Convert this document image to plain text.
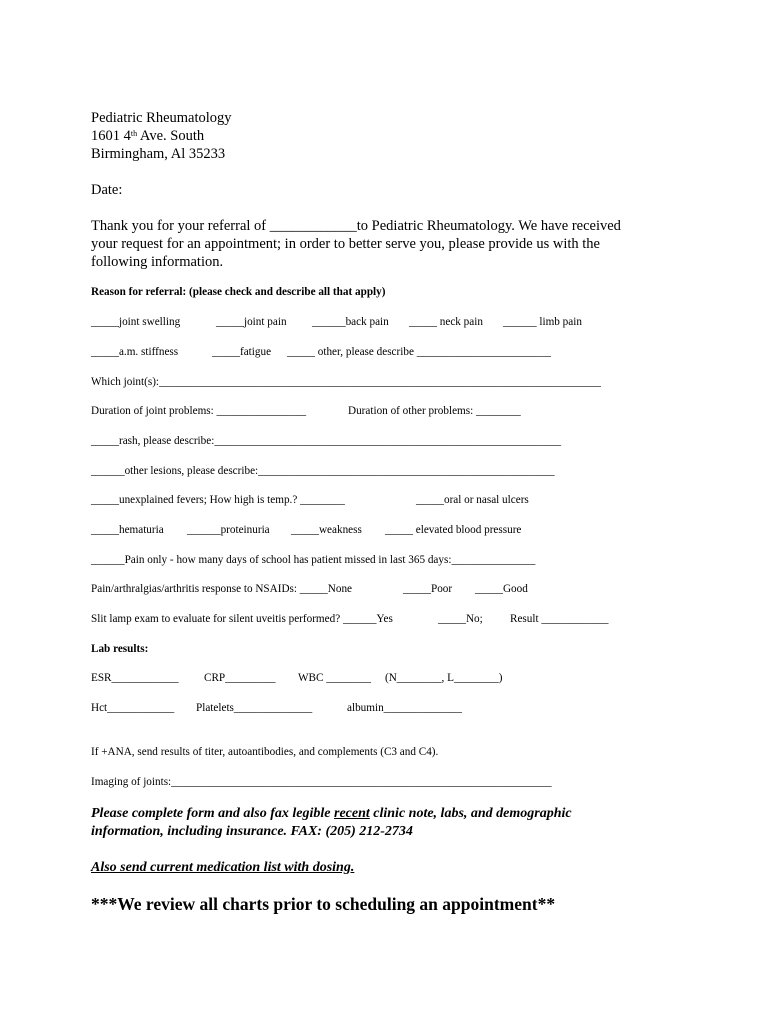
Pediatric Rheumatology
1601 4th Ave. South
Birmingham, Al 35233
Date:
Thank you for your referral of ____________to Pediatric Rheumatology. We have received
your request for an appointment; in order to better serve you, please provide us with the
following information.
Reason for referral: (please check and describe all that apply)
_____joint swelling	_____joint pain ______back pain _____ neck pain ______ limb pain
_____a.m. stiffness	_____fatigue _____ other, please describe ________________________
Which joint(s):_______________________________________________________________________________
Duration of joint problems: ________________	Duration of other problems: ________
_____rash, please describe:______________________________________________________________
______other lesions, please describe:_____________________________________________________
_____unexplained fevers; How high is temp.? ________	_____oral or nasal ulcers
_____hematuria ______proteinuria _____weakness _____ elevated blood pressure
______Pain only - how many days of school has patient missed in last 365 days:_______________
Pain/arthralgias/arthritis response to NSAIDs: _____None	_____Poor _____Good
Slit lamp exam to evaluate for silent uveitis performed? ______Yes	_____No; Result ____________
Lab results:
ESR____________ CRP_________ WBC ________ (N________, L________)
Hct____________ Platelets______________	albumin______________
If +ANA, send results of titer, autoantibodies, and complements (C3 and C4).
Imaging of joints:____________________________________________________________________
Please complete form and also fax legible recent clinic note, labs, and demographic
information, including insurance. FAX: (205) 212-2734
Also send current medication list with dosing.
***We review all charts prior to scheduling an appointment**
